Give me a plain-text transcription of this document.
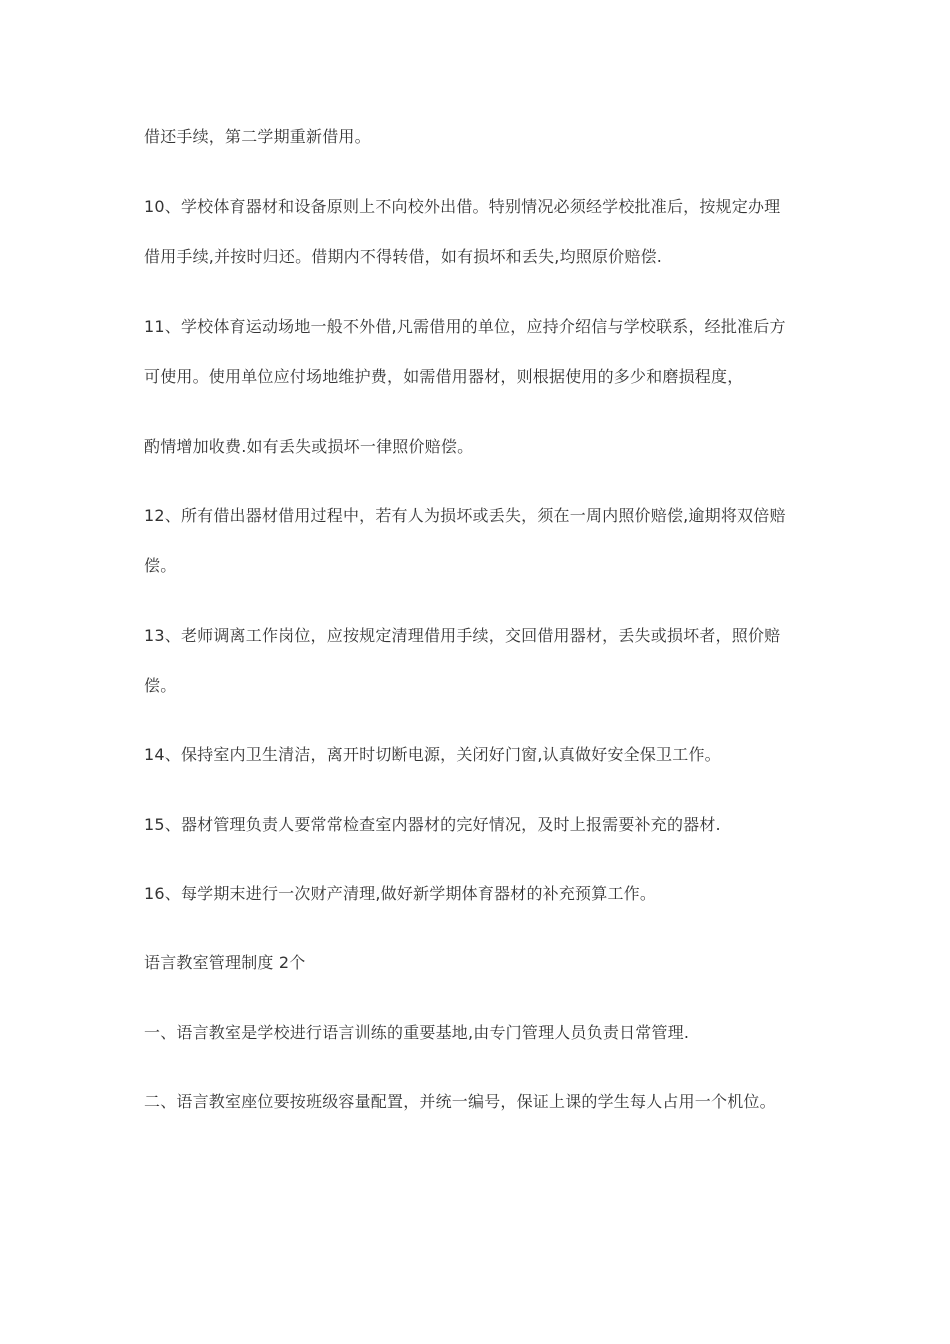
借还手续，第二学期重新借用。
10、学校体育器材和设备原则上不向校外出借。特别情况必须经学校批准后，按规定办理
借用手续,并按时归还。借期内不得转借，如有损坏和丢失,均照原价赔偿.
11、学校体育运动场地一般不外借,凡需借用的单位，应持介绍信与学校联系，经批准后方
可使用。使用单位应付场地维护费，如需借用器材，则根据使用的多少和磨损程度，
酌情增加收费.如有丢失或损坏一律照价赔偿。
12、所有借出器材借用过程中，若有人为损坏或丢失，须在一周内照价赔偿,逾期将双倍赔
偿。
13、老师调离工作岗位，应按规定清理借用手续，交回借用器材，丢失或损坏者，照价赔
偿。
14、保持室内卫生清洁，离开时切断电源，关闭好门窗,认真做好安全保卫工作。
15、器材管理负责人要常常检查室内器材的完好情况，及时上报需要补充的器材.
16、每学期末进行一次财产清理,做好新学期体育器材的补充预算工作。
语言教室管理制度 2个
一、语言教室是学校进行语言训练的重要基地,由专门管理人员负责日常管理.
二、语言教室座位要按班级容量配置，并统一编号，保证上课的学生每人占用一个机位。
